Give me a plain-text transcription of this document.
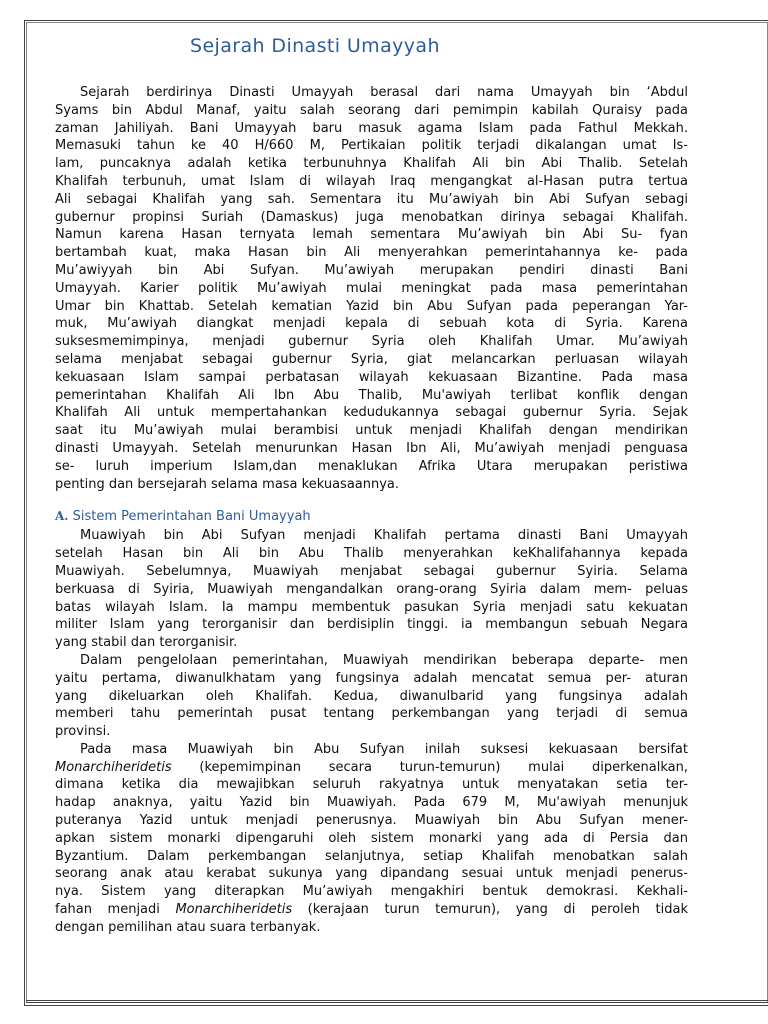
Sejarah Dinasti Umayyah
Sejarah berdirinya Dinasti Umayyah berasal dari nama Umayyah bin ‘Abdul
Syams bin Abdul Manaf, yaitu salah seorang dari pemimpin kabilah Quraisy pada
zaman Jahiliyah. Bani Umayyah baru masuk agama Islam pada Fathul Mekkah.
Memasuki tahun ke 40 H/660 M, Pertikaian politik terjadi dikalangan umat Is-
lam, puncaknya adalah ketika terbunuhnya Khalifah Ali bin Abi Thalib. Setelah
Khalifah terbunuh, umat Islam di wilayah Iraq mengangkat al-Hasan putra tertua
Ali sebagai Khalifah yang sah. Sementara itu Mu’awiyah bin Abi Sufyan sebagi
gubernur propinsi Suriah (Damaskus) juga menobatkan dirinya sebagai Khalifah.
Namun karena Hasan ternyata lemah sementara Mu’awiyah bin Abi Su- fyan
bertambah kuat, maka Hasan bin Ali menyerahkan pemerintahannya ke- pada
Mu’awiyyah bin Abi Sufyan. Mu’awiyah merupakan pendiri dinasti Bani
Umayyah. Karier politik Mu’awiyah mulai meningkat pada masa pemerintahan
Umar bin Khattab. Setelah kematian Yazid bin Abu Sufyan pada peperangan Yar-
muk, Mu’awiyah diangkat menjadi kepala di sebuah kota di Syria. Karena
suksesmemimpinya, menjadi gubernur Syria oleh Khalifah Umar. Mu’awiyah
selama menjabat sebagai gubernur Syria, giat melancarkan perluasan wilayah
kekuasaan Islam sampai perbatasan wilayah kekuasaan Bizantine. Pada masa
pemerintahan Khalifah Ali Ibn Abu Thalib, Mu'awiyah terlibat konflik dengan
Khalifah Ali untuk mempertahankan kedudukannya sebagai gubernur Syria. Sejak
saat itu Mu’awiyah mulai berambisi untuk menjadi Khalifah dengan mendirikan
dinasti Umayyah. Setelah menurunkan Hasan Ibn Ali, Mu’awiyah menjadi penguasa
se- luruh imperium Islam,dan menaklukan Afrika Utara merupakan peristiwa
penting dan bersejarah selama masa kekuasaannya.
A. Sistem Pemerintahan Bani Umayyah
Muawiyah bin Abi Sufyan menjadi Khalifah pertama dinasti Bani Umayyah
setelah Hasan bin Ali bin Abu Thalib menyerahkan keKhalifahannya kepada
Muawiyah. Sebelumnya, Muawiyah menjabat sebagai gubernur Syiria. Selama
berkuasa di Syiria, Muawiyah mengandalkan orang-orang Syiria dalam mem- peluas
batas wilayah Islam. Ia mampu membentuk pasukan Syria menjadi satu kekuatan
militer Islam yang terorganisir dan berdisiplin tinggi. ia membangun sebuah Negara
yang stabil dan terorganisir.
Dalam pengelolaan pemerintahan, Muawiyah mendirikan beberapa departe- men
yaitu pertama, diwanulkhatam yang fungsinya adalah mencatat semua per- aturan
yang dikeluarkan oleh Khalifah. Kedua, diwanulbarid yang fungsinya adalah
memberi tahu pemerintah pusat tentang perkembangan yang terjadi di semua
provinsi.
Pada masa Muawiyah bin Abu Sufyan inilah suksesi kekuasaan bersifat
Monarchiheridetis (kepemimpinan secara turun-temurun) mulai diperkenalkan,
dimana ketika dia mewajibkan seluruh rakyatnya untuk menyatakan setia ter-
hadap anaknya, yaitu Yazid bin Muawiyah. Pada 679 M, Mu'awiyah menunjuk
puteranya Yazid untuk menjadi penerusnya. Muawiyah bin Abu Sufyan mener-
apkan sistem monarki dipengaruhi oleh sistem monarki yang ada di Persia dan
Byzantium. Dalam perkembangan selanjutnya, setiap Khalifah menobatkan salah
seorang anak atau kerabat sukunya yang dipandang sesuai untuk menjadi penerus-
nya. Sistem yang diterapkan Mu’awiyah mengakhiri bentuk demokrasi. Kekhali-
fahan menjadi Monarchiheridetis (kerajaan turun temurun), yang di peroleh tidak
dengan pemilihan atau suara terbanyak.
